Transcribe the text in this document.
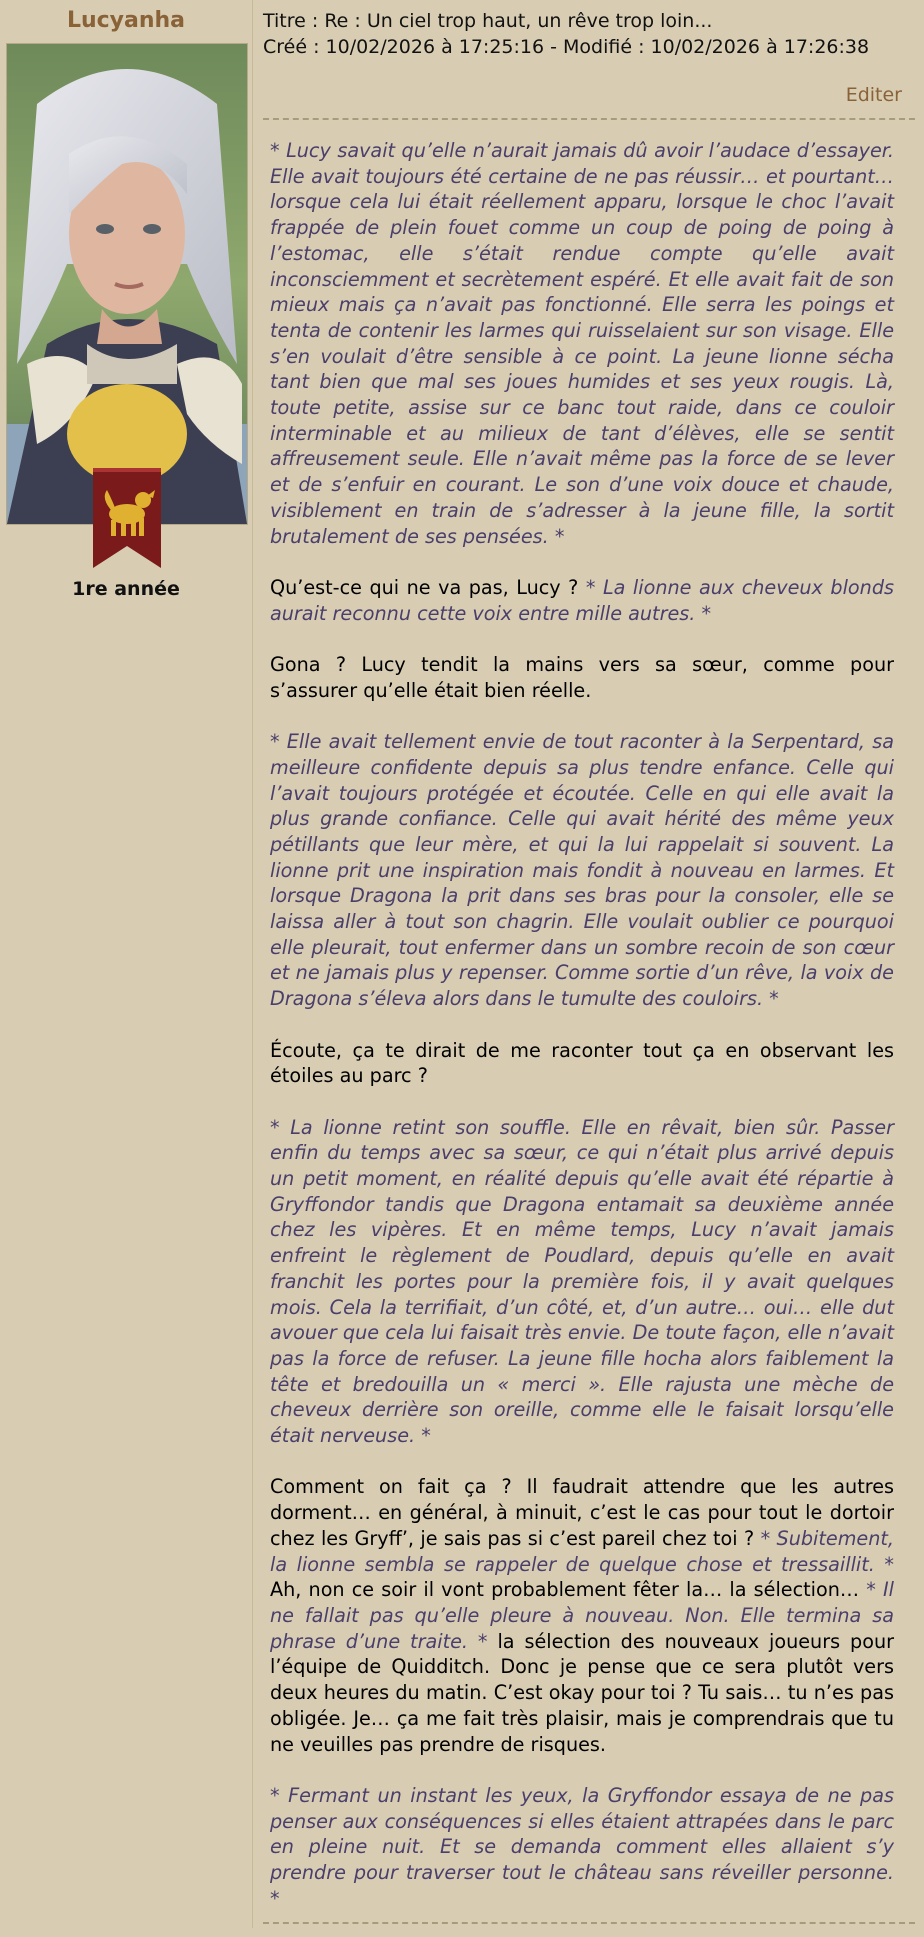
Lucyanha
1re année
Titre : Re : Un ciel trop haut, un rêve trop loin...
Créé : 10/02/2026 à 17:25:16 - Modifié : 10/02/2026 à 17:26:38
Editer

* Lucy savait qu’elle n’aurait jamais dû avoir l’audace d’essayer. Elle avait toujours été certaine de ne pas réussir… et pourtant… lorsque cela lui était réellement apparu, lorsque le choc l’avait frappée de plein fouet comme un coup de poing de poing à l’estomac, elle s’était rendue compte qu’elle avait inconsciemment et secrètement espéré. Et elle avait fait de son mieux mais ça n’avait pas fonctionné. Elle serra les poings et tenta de contenir les larmes qui ruisselaient sur son visage. Elle s’en voulait d’être sensible à ce point. La jeune lionne sécha tant bien que mal ses joues humides et ses yeux rougis. Là, toute petite, assise sur ce banc tout raide, dans ce couloir interminable et au milieux de tant d’élèves, elle se sentit affreusement seule. Elle n’avait même pas la force de se lever et de s’enfuir en courant. Le son d’une voix douce et chaude, visiblement en train de s’adresser à la jeune fille, la sortit brutalement de ses pensées. *

Qu’est-ce qui ne va pas, Lucy ? * La lionne aux cheveux blonds aurait reconnu cette voix entre mille autres. *

Gona ? Lucy tendit la mains vers sa sœur, comme pour s’assurer qu’elle était bien réelle.

* Elle avait tellement envie de tout raconter à la Serpentard, sa meilleure confidente depuis sa plus tendre enfance. Celle qui l’avait toujours protégée et écoutée. Celle en qui elle avait la plus grande confiance. Celle qui avait hérité des même yeux pétillants que leur mère, et qui la lui rappelait si souvent. La lionne prit une inspiration mais fondit à nouveau en larmes. Et lorsque Dragona la prit dans ses bras pour la consoler, elle se laissa aller à tout son chagrin. Elle voulait oublier ce pourquoi elle pleurait, tout enfermer dans un sombre recoin de son cœur et ne jamais plus y repenser. Comme sortie d’un rêve, la voix de Dragona s’éleva alors dans le tumulte des couloirs. *

Écoute, ça te dirait de me raconter tout ça en observant les étoiles au parc ?

* La lionne retint son souffle. Elle en rêvait, bien sûr. Passer enfin du temps avec sa sœur, ce qui n’était plus arrivé depuis un petit moment, en réalité depuis qu’elle avait été répartie à Gryffondor tandis que Dragona entamait sa deuxième année chez les vipères. Et en même temps, Lucy n’avait jamais enfreint le règlement de Poudlard, depuis qu’elle en avait franchit les portes pour la première fois, il y avait quelques mois. Cela la terrifiait, d’un côté, et, d’un autre… oui… elle dut avouer que cela lui faisait très envie. De toute façon, elle n’avait pas la force de refuser. La jeune fille hocha alors faiblement la tête et bredouilla un « merci ». Elle rajusta une mèche de cheveux derrière son oreille, comme elle le faisait lorsqu’elle était nerveuse. *

Comment on fait ça ? Il faudrait attendre que les autres dorment… en général, à minuit, c’est le cas pour tout le dortoir chez les Gryff’, je sais pas si c’est pareil chez toi ? * Subitement, la lionne sembla se rappeler de quelque chose et tressaillit. * Ah, non ce soir il vont probablement fêter la… la sélection… * Il ne fallait pas qu’elle pleure à nouveau. Non. Elle termina sa phrase d’une traite. * la sélection des nouveaux joueurs pour l’équipe de Quidditch. Donc je pense que ce sera plutôt vers deux heures du matin. C’est okay pour toi ? Tu sais… tu n’es pas obligée. Je… ça me fait très plaisir, mais je comprendrais que tu ne veuilles pas prendre de risques.

* Fermant un instant les yeux, la Gryffondor essaya de ne pas penser aux conséquences si elles étaient attrapées dans le parc en pleine nuit. Et se demanda comment elles allaient s’y prendre pour traverser tout le château sans réveiller personne. *
